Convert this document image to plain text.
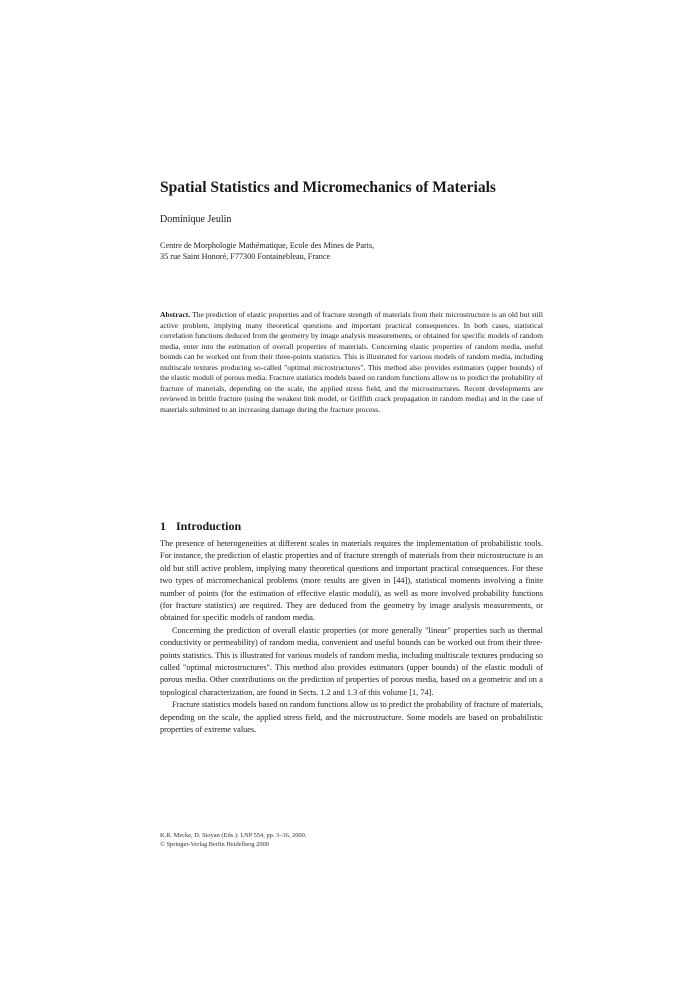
Spatial Statistics and Micromechanics of Materials
Dominique Jeulin
Centre de Morphologie Mathématique, Ecole des Mines de Paris,
35 rue Saint Honoré, F77300 Fontainebleau, France
Abstract. The prediction of elastic properties and of fracture strength of materials from their microstructure is an old but still active problem, implying many theoretical questions and important practical consequences. In both cases, statistical correlation functions deduced from the geometry by image analysis measurements, or obtained for specific models of random media, enter into the estimation of overall properties of materials. Concerning elastic properties of random media, useful bounds can be worked out from their three-points statistics. This is illustrated for various models of random media, including multiscale textures producing so-called "optimal microstructures". This method also provides estimators (upper bounds) of the elastic moduli of porous media. Fracture statistics models based on random functions allow us to predict the probability of fracture of materials, depending on the scale, the applied stress field, and the microstructures. Recent developments are reviewed in brittle fracture (using the weakest link model, or Griffith crack propagation in random media) and in the case of materials submitted to an increasing damage during the fracture process.
1 Introduction

The presence of heterogeneities at different scales in materials requires the implementation of probabilistic tools. For instance, the prediction of elastic properties and of fracture strength of materials from their microstructure is an old but still active problem, implying many theoretical questions and important practical consequences. For these two types of micromechanical problems (more results are given in [44]), statistical moments involving a finite number of points (for the estimation of effective elastic moduli), as well as more involved probability functions (for fracture statistics) are required. They are deduced from the geometry by image analysis measurements, or obtained for specific models of random media.

Concerning the prediction of overall elastic properties (or more generally "linear" properties such as thermal conductivity or permeability) of random media, convenient and useful bounds can be worked out from their three-points statistics. This is illustrated for various models of random media, including multiscale textures producing so called "optimal microstructures". This method also provides estimators (upper bounds) of the elastic moduli of porous media. Other contributions on the prediction of properties of porous media, based on a geometric and on a topological characterization, are found in Sects. 1.2 and 1.3 of this volume [1, 74].

Fracture statistics models based on random functions allow us to predict the probability of fracture of materials, depending on the scale, the applied stress field, and the microstructure. Some models are based on probabilistic properties of extreme values.

K.R. Mecke, D. Stoyan (Eds.): LNP 554, pp. 3–36, 2000.
© Springer-Verlag Berlin Heidelberg 2000
